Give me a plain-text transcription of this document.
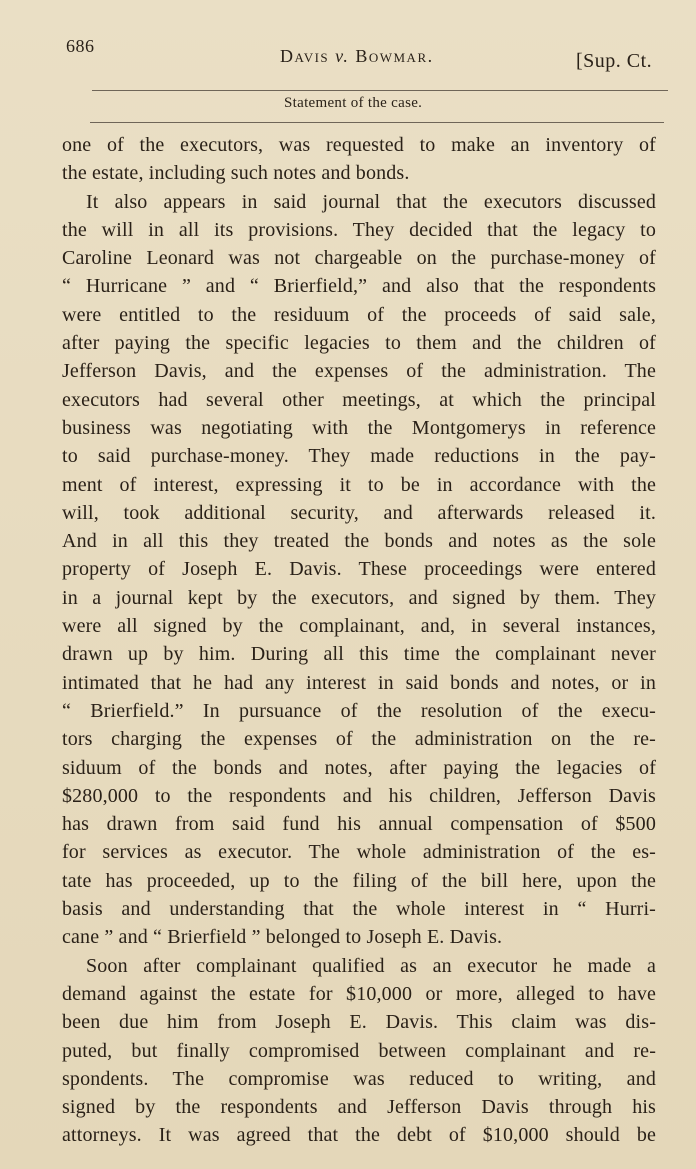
686	Davis v. Bowmar.	[Sup. Ct.
Statement of the case.
one of the executors, was requested to make an inventory of
the estate, including such notes and bonds.
It also appears in said journal that the executors discussed
the will in all its provisions. They decided that the legacy to
Caroline Leonard was not chargeable on the purchase-money of
“ Hurricane ” and “ Brierfield,” and also that the respondents
were entitled to the residuum of the proceeds of said sale,
after paying the specific legacies to them and the children of
Jefferson Davis, and the expenses of the administration. The
executors had several other meetings, at which the principal
business was negotiating with the Montgomerys in reference
to said purchase-money. They made reductions in the pay-
ment of interest, expressing it to be in accordance with the
will, took additional security, and afterwards released it.
And in all this they treated the bonds and notes as the sole
property of Joseph E. Davis. These proceedings were entered
in a journal kept by the executors, and signed by them. They
were all signed by the complainant, and, in several instances,
drawn up by him. During all this time the complainant never
intimated that he had any interest in said bonds and notes, or in
“ Brierfield.” In pursuance of the resolution of the execu-
tors charging the expenses of the administration on the re-
siduum of the bonds and notes, after paying the legacies of
$280,000 to the respondents and his children, Jefferson Davis
has drawn from said fund his annual compensation of $500
for services as executor. The whole administration of the es-
tate has proceeded, up to the filing of the bill here, upon the
basis and understanding that the whole interest in “ Hurri-
cane ” and “ Brierfield ” belonged to Joseph E. Davis.
Soon after complainant qualified as an executor he made a
demand against the estate for $10,000 or more, alleged to have
been due him from Joseph E. Davis. This claim was dis-
puted, but finally compromised between complainant and re-
spondents. The compromise was reduced to writing, and
signed by the respondents and Jefferson Davis through his
attorneys. It was agreed that the debt of $10,000 should be
